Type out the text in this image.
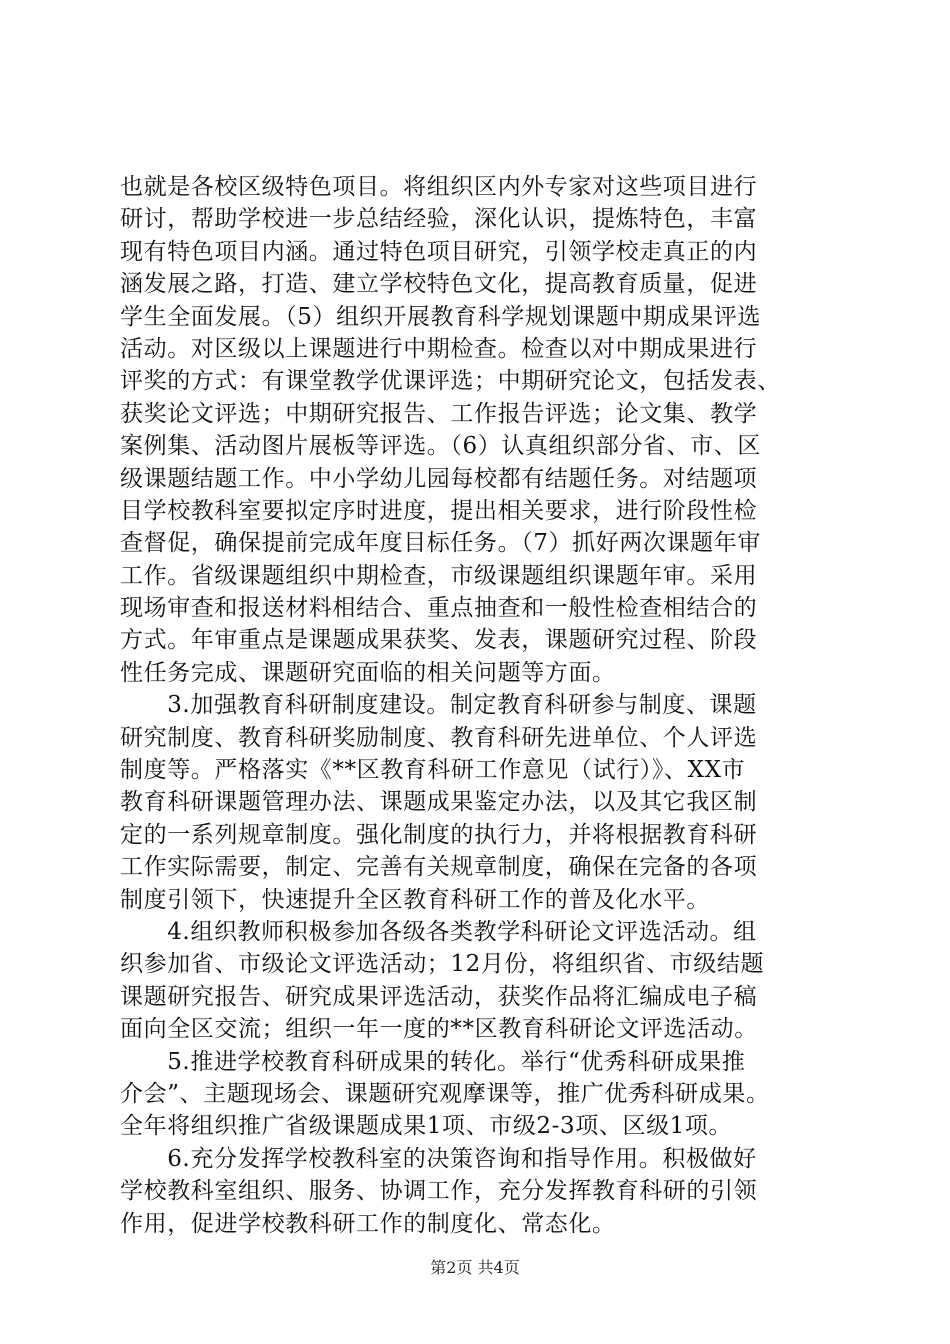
也就是各校区级特色项目。将组织区内外专家对这些项目进行
研讨，帮助学校进一步总结经验，深化认识，提炼特色，丰富
现有特色项目内涵。通过特色项目研究，引领学校走真正的内
涵发展之路，打造、建立学校特色文化，提高教育质量，促进
学生全面发展。（5）组织开展教育科学规划课题中期成果评选
活动。对区级以上课题进行中期检查。检查以对中期成果进行
评奖的方式：有课堂教学优课评选；中期研究论文，包括发表、
获奖论文评选；中期研究报告、工作报告评选；论文集、教学
案例集、活动图片展板等评选。（6）认真组织部分省、市、区
级课题结题工作。中小学幼儿园每校都有结题任务。对结题项
目学校教科室要拟定序时进度，提出相关要求，进行阶段性检
查督促，确保提前完成年度目标任务。（7）抓好两次课题年审
工作。省级课题组织中期检查，市级课题组织课题年审。采用
现场审查和报送材料相结合、重点抽查和一般性检查相结合的
方式。年审重点是课题成果获奖、发表，课题研究过程、阶段
性任务完成、课题研究面临的相关问题等方面。
　　3.加强教育科研制度建设。制定教育科研参与制度、课题
研究制度、教育科研奖励制度、教育科研先进单位、个人评选
制度等。严格落实《**区教育科研工作意见（试行）》、XX市
教育科研课题管理办法、课题成果鉴定办法，以及其它我区制
定的一系列规章制度。强化制度的执行力，并将根据教育科研
工作实际需要，制定、完善有关规章制度，确保在完备的各项
制度引领下，快速提升全区教育科研工作的普及化水平。
　　4.组织教师积极参加各级各类教学科研论文评选活动。组
织参加省、市级论文评选活动；12月份，将组织省、市级结题
课题研究报告、研究成果评选活动，获奖作品将汇编成电子稿
面向全区交流；组织一年一度的**区教育科研论文评选活动。
　　5.推进学校教育科研成果的转化。举行“优秀科研成果推
介会”、主题现场会、课题研究观摩课等，推广优秀科研成果。
全年将组织推广省级课题成果1项、市级2-3项、区级1项。
　　6.充分发挥学校教科室的决策咨询和指导作用。积极做好
学校教科室组织、服务、协调工作，充分发挥教育科研的引领
作用，促进学校教科研工作的制度化、常态化。
第2页 共4页
